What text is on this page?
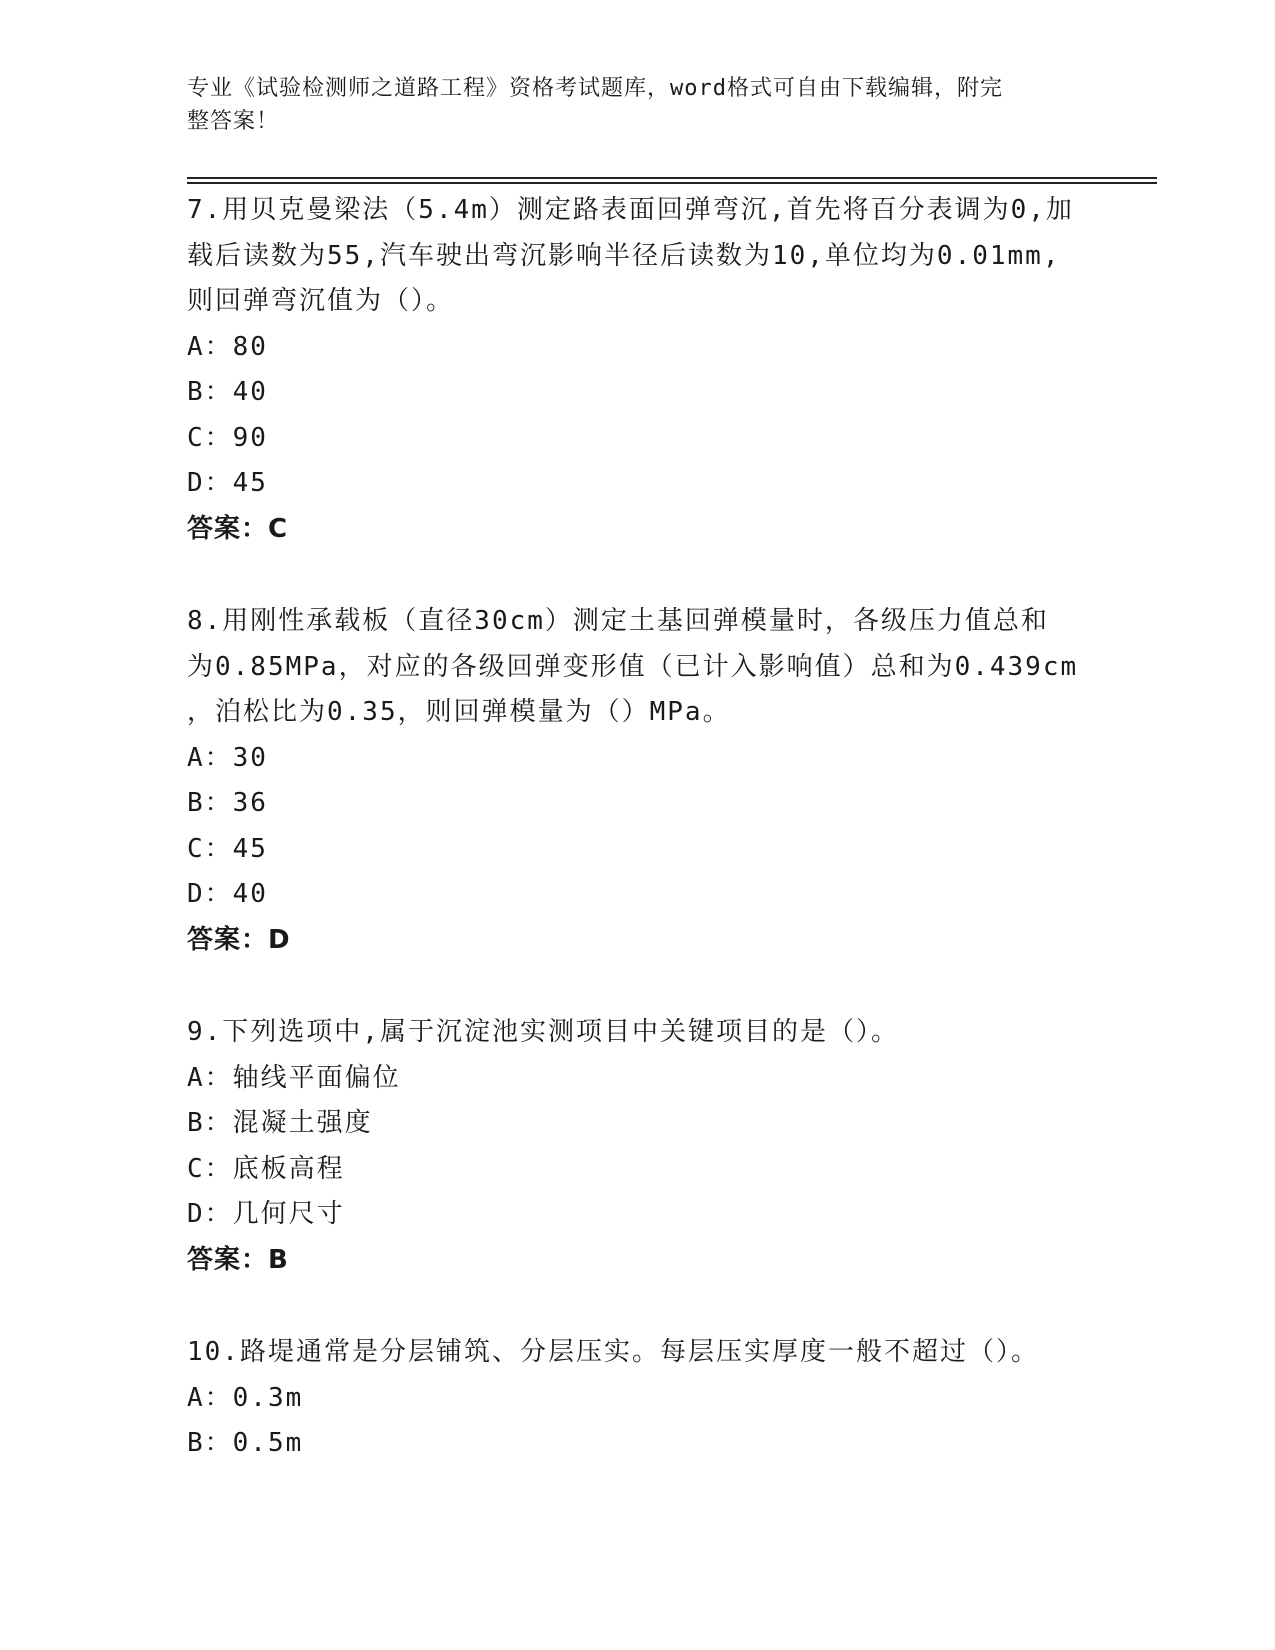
专业《试验检测师之道路工程》资格考试题库，word格式可自由下载编辑，附完
整答案！
7.用贝克曼梁法（5.4m）测定路表面回弹弯沉,首先将百分表调为0,加
载后读数为55,汽车驶出弯沉影响半径后读数为10,单位均为0.01mm,
则回弹弯沉值为（）。
A：80
B：40
C：90
D：45
答案：C
8.用刚性承载板（直径30cm）测定土基回弹模量时，各级压力值总和
为0.85MPa，对应的各级回弹变形值（已计入影响值）总和为0.439cm
，泊松比为0.35，则回弹模量为（）MPa。
A：30
B：36
C：45
D：40
答案：D
9.下列选项中,属于沉淀池实测项目中关键项目的是（）。
A：轴线平面偏位
B：混凝土强度
C：底板高程
D：几何尺寸
答案：B
10.路堤通常是分层铺筑、分层压实。每层压实厚度一般不超过（）。
A：0.3m
B：0.5m
